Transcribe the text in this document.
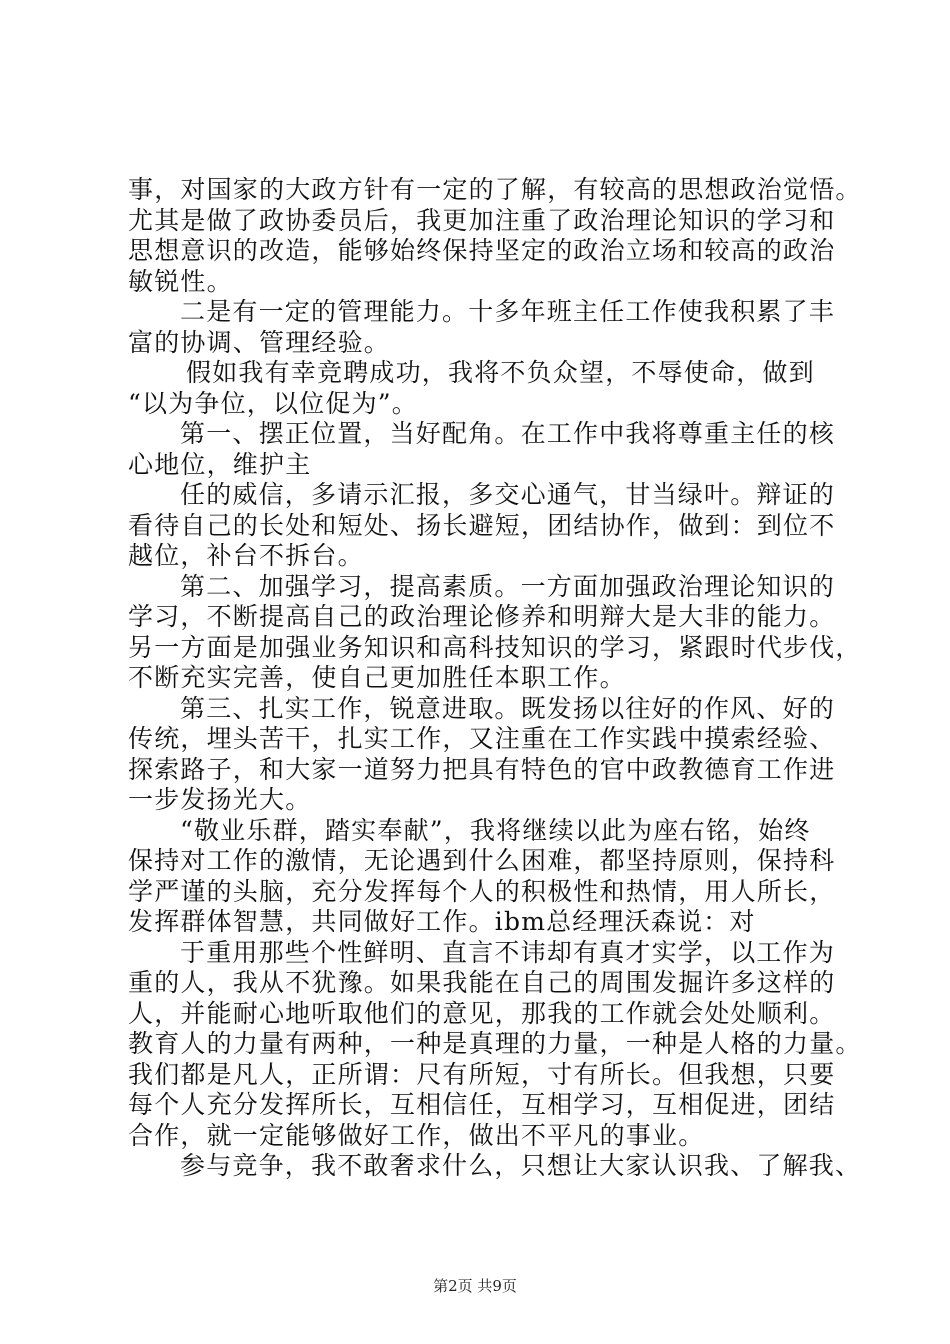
事，对国家的大政方针有一定的了解，有较高的思想政治觉悟。
尤其是做了政协委员后，我更加注重了政治理论知识的学习和
思想意识的改造，能够始终保持坚定的政治立场和较高的政治
敏锐性。
二是有一定的管理能力。十多年班主任工作使我积累了丰
富的协调、管理经验。
假如我有幸竞聘成功，我将不负众望，不辱使命，做到
“以为争位，以位促为”。
第一、摆正位置，当好配角。在工作中我将尊重主任的核
心地位，维护主
任的威信，多请示汇报，多交心通气，甘当绿叶。辩证的
看待自己的长处和短处、扬长避短，团结协作，做到：到位不
越位，补台不拆台。
第二、加强学习，提高素质。一方面加强政治理论知识的
学习，不断提高自己的政治理论修养和明辩大是大非的能力。
另一方面是加强业务知识和高科技知识的学习，紧跟时代步伐，
不断充实完善，使自己更加胜任本职工作。
第三、扎实工作，锐意进取。既发扬以往好的作风、好的
传统，埋头苦干，扎实工作，又注重在工作实践中摸索经验、
探索路子，和大家一道努力把具有特色的官中政教德育工作进
一步发扬光大。
“敬业乐群，踏实奉献”，我将继续以此为座右铭，始终
保持对工作的激情，无论遇到什么困难，都坚持原则，保持科
学严谨的头脑，充分发挥每个人的积极性和热情，用人所长，
发挥群体智慧，共同做好工作。ibm总经理沃森说：对
于重用那些个性鲜明、直言不讳却有真才实学，以工作为
重的人，我从不犹豫。如果我能在自己的周围发掘许多这样的
人，并能耐心地听取他们的意见，那我的工作就会处处顺利。
教育人的力量有两种，一种是真理的力量，一种是人格的力量。
我们都是凡人，正所谓：尺有所短，寸有所长。但我想，只要
每个人充分发挥所长，互相信任，互相学习，互相促进，团结
合作，就一定能够做好工作，做出不平凡的事业。
参与竞争，我不敢奢求什么，只想让大家认识我、了解我、
第2页 共9页
